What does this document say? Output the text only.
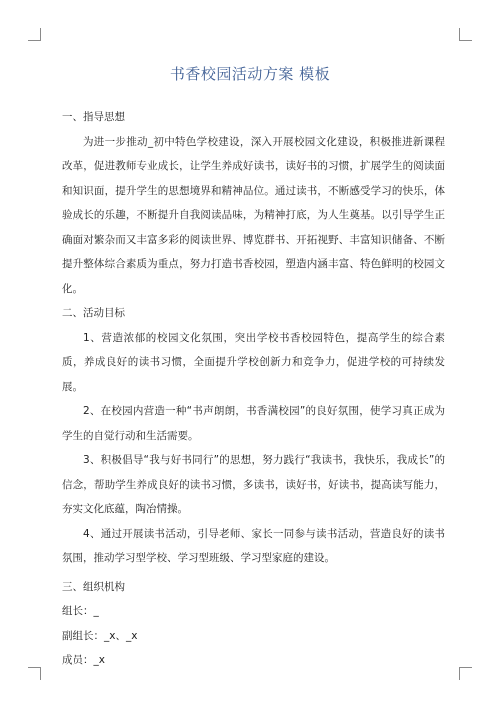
书香校园活动方案 模板

一、指导思想

为进一步推动_初中特色学校建设，深入开展校园文化建设，积极推进新课程改革，促进教师专业成长，让学生养成好读书，读好书的习惯，扩展学生的阅读面和知识面，提升学生的思想境界和精神品位。通过读书，不断感受学习的快乐，体验成长的乐趣，不断提升自我阅读品味，为精神打底，为人生奠基。以引导学生正确面对繁杂而又丰富多彩的阅读世界、博览群书、开拓视野、丰富知识储备、不断提升整体综合素质为重点，努力打造书香校园，塑造内涵丰富、特色鲜明的校园文化。

二、活动目标

1、营造浓郁的校园文化氛围，突出学校书香校园特色，提高学生的综合素质，养成良好的读书习惯，全面提升学校创新力和竞争力，促进学校的可持续发展。

2、在校园内营造一种“书声朗朗，书香满校园”的良好氛围，使学习真正成为学生的自觉行动和生活需要。

3、积极倡导“我与好书同行”的思想，努力践行“我读书，我快乐，我成长”的信念，帮助学生养成良好的读书习惯，多读书，读好书，好读书，提高读写能力，夯实文化底蕴，陶冶情操。

4、通过开展读书活动，引导老师、家长一同参与读书活动，营造良好的读书氛围，推动学习型学校、学习型班级、学习型家庭的建设。

三、组织机构

组长：_

副组长：_x、_x

成员：_x
